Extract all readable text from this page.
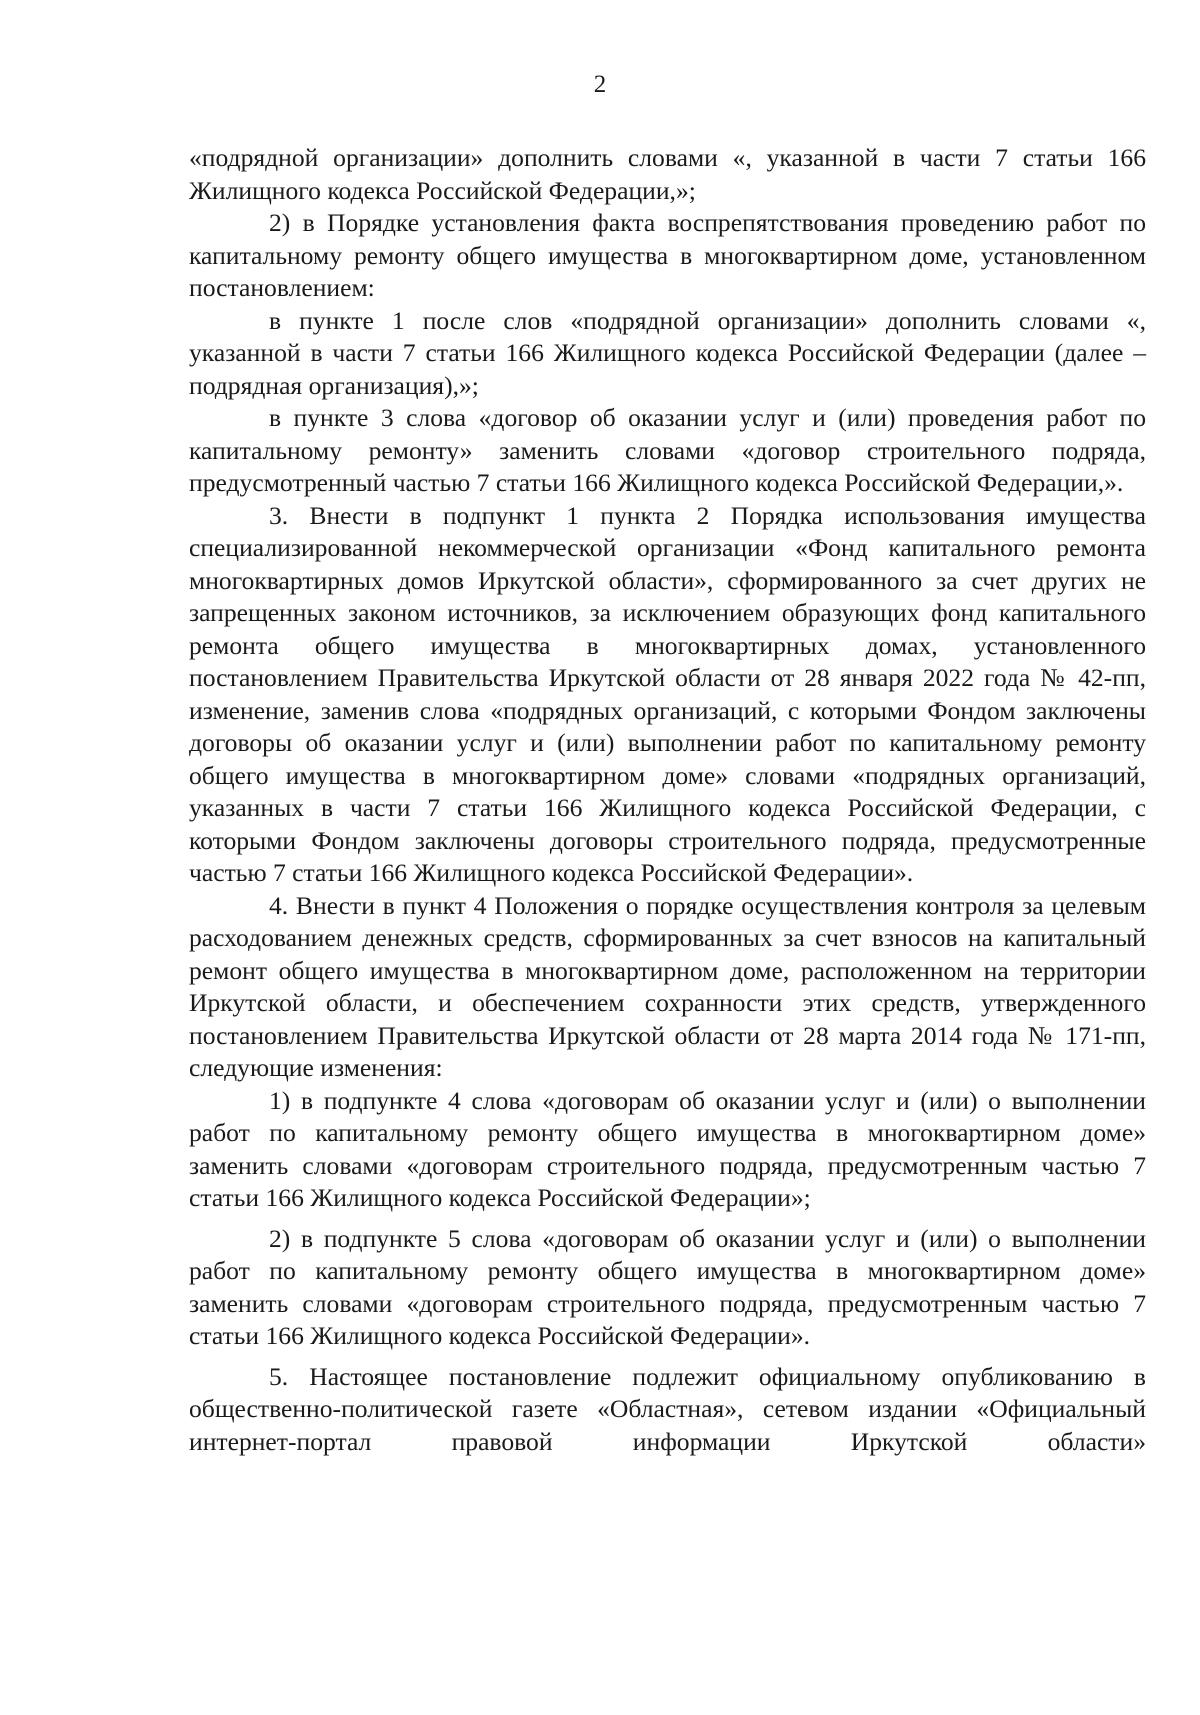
2

«подрядной организации» дополнить словами «, указанной в части 7 статьи 166 Жилищного кодекса Российской Федерации,»;

2) в Порядке установления факта воспрепятствования проведению работ по капитальному ремонту общего имущества в многоквартирном доме, установленном постановлением:

в пункте 1 после слов «подрядной организации» дополнить словами «, указанной в части 7 статьи 166 Жилищного кодекса Российской Федерации (далее – подрядная организация),»;

в пункте 3 слова «договор об оказании услуг и (или) проведения работ по капитальному ремонту» заменить словами «договор строительного подряда, предусмотренный частью 7 статьи 166 Жилищного кодекса Российской Федерации,».

3. Внести в подпункт 1 пункта 2 Порядка использования имущества специализированной некоммерческой организации «Фонд капитального ремонта многоквартирных домов Иркутской области», сформированного за счет других не запрещенных законом источников, за исключением образующих фонд капитального ремонта общего имущества в многоквартирных домах, установленного постановлением Правительства Иркутской области от 28 января 2022 года № 42-пп, изменение, заменив слова «подрядных организаций, с которыми Фондом заключены договоры об оказании услуг и (или) выполнении работ по капитальному ремонту общего имущества в многоквартирном доме» словами «подрядных организаций, указанных в части 7 статьи 166 Жилищного кодекса Российской Федерации, с которыми Фондом заключены договоры строительного подряда, предусмотренные частью 7 статьи 166 Жилищного кодекса Российской Федерации».

4. Внести в пункт 4 Положения о порядке осуществления контроля за целевым расходованием денежных средств, сформированных за счет взносов на капитальный ремонт общего имущества в многоквартирном доме, расположенном на территории Иркутской области, и обеспечением сохранности этих средств, утвержденного постановлением Правительства Иркутской области от 28 марта 2014 года № 171-пп, следующие изменения:

1) в подпункте 4 слова «договорам об оказании услуг и (или) о выполнении работ по капитальному ремонту общего имущества в многоквартирном доме» заменить словами «договорам строительного подряда, предусмотренным частью 7 статьи 166 Жилищного кодекса Российской Федерации»;

2) в подпункте 5 слова «договорам об оказании услуг и (или) о выполнении работ по капитальному ремонту общего имущества в многоквартирном доме» заменить словами «договорам строительного подряда, предусмотренным частью 7 статьи 166 Жилищного кодекса Российской Федерации».

5. Настоящее постановление подлежит официальному опубликованию в общественно-политической газете «Областная», сетевом издании «Официальный интернет-портал правовой информации Иркутской области»
